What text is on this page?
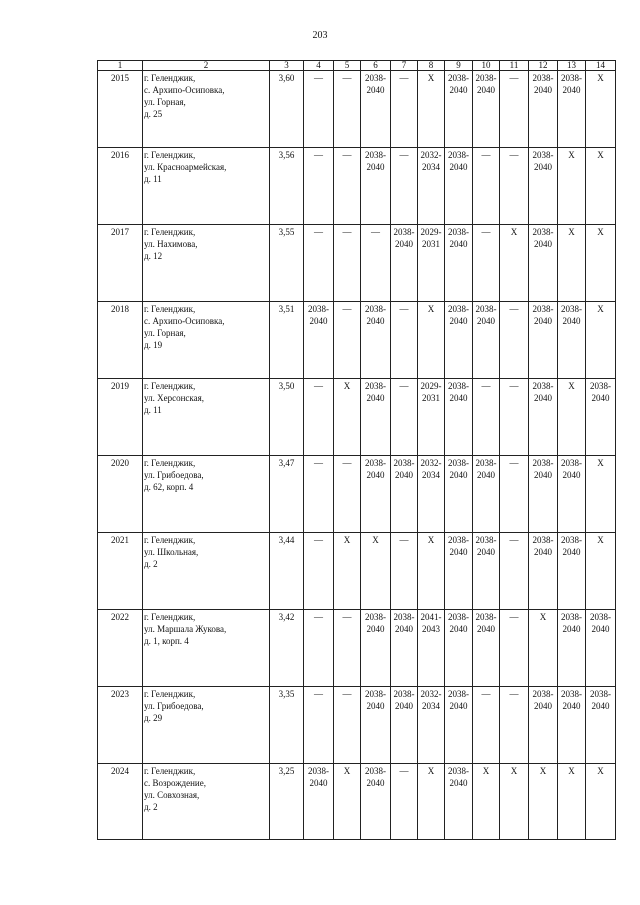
203
1	2	3	4	5	6	7	8	9	10	11	12	13	14
2015	г. Геленджик,
с. Архипо-Осиповка,
ул. Горная,
д. 25	3,60	—	—	2038-
2040	—	X	2038-
2040	2038-
2040	—	2038-
2040	2038-
2040	X
2016	г. Геленджик,
ул. Красноармейская,
д. 11	3,56	—	—	2038-
2040	—	2032-
2034	2038-
2040	—	—	2038-
2040	X	X
2017	г. Геленджик,
ул. Нахимова,
д. 12	3,55	—	—	—	2038-
2040	2029-
2031	2038-
2040	—	X	2038-
2040	X	X
2018	г. Геленджик,
с. Архипо-Осиповка,
ул. Горная,
д. 19	3,51	2038-
2040	—	2038-
2040	—	X	2038-
2040	2038-
2040	—	2038-
2040	2038-
2040	X
2019	г. Геленджик,
ул. Херсонская,
д. 11	3,50	—	X	2038-
2040	—	2029-
2031	2038-
2040	—	—	2038-
2040	X	2038-
2040
2020	г. Геленджик,
ул. Грибоедова,
д. 62, корп. 4	3,47	—	—	2038-
2040	2038-
2040	2032-
2034	2038-
2040	2038-
2040	—	2038-
2040	2038-
2040	X
2021	г. Геленджик,
ул. Школьная,
д. 2	3,44	—	X	X	—	X	2038-
2040	2038-
2040	—	2038-
2040	2038-
2040	X
2022	г. Геленджик,
ул. Маршала Жукова,
д. 1, корп. 4	3,42	—	—	2038-
2040	2038-
2040	2041-
2043	2038-
2040	2038-
2040	—	X	2038-
2040	2038-
2040
2023	г. Геленджик,
ул. Грибоедова,
д. 29	3,35	—	—	2038-
2040	2038-
2040	2032-
2034	2038-
2040	—	—	2038-
2040	2038-
2040	2038-
2040
2024	г. Геленджик,
с. Возрождение,
ул. Совхозная,
д. 2	3,25	2038-
2040	X	2038-
2040	—	X	2038-
2040	X	X	X	X	X
